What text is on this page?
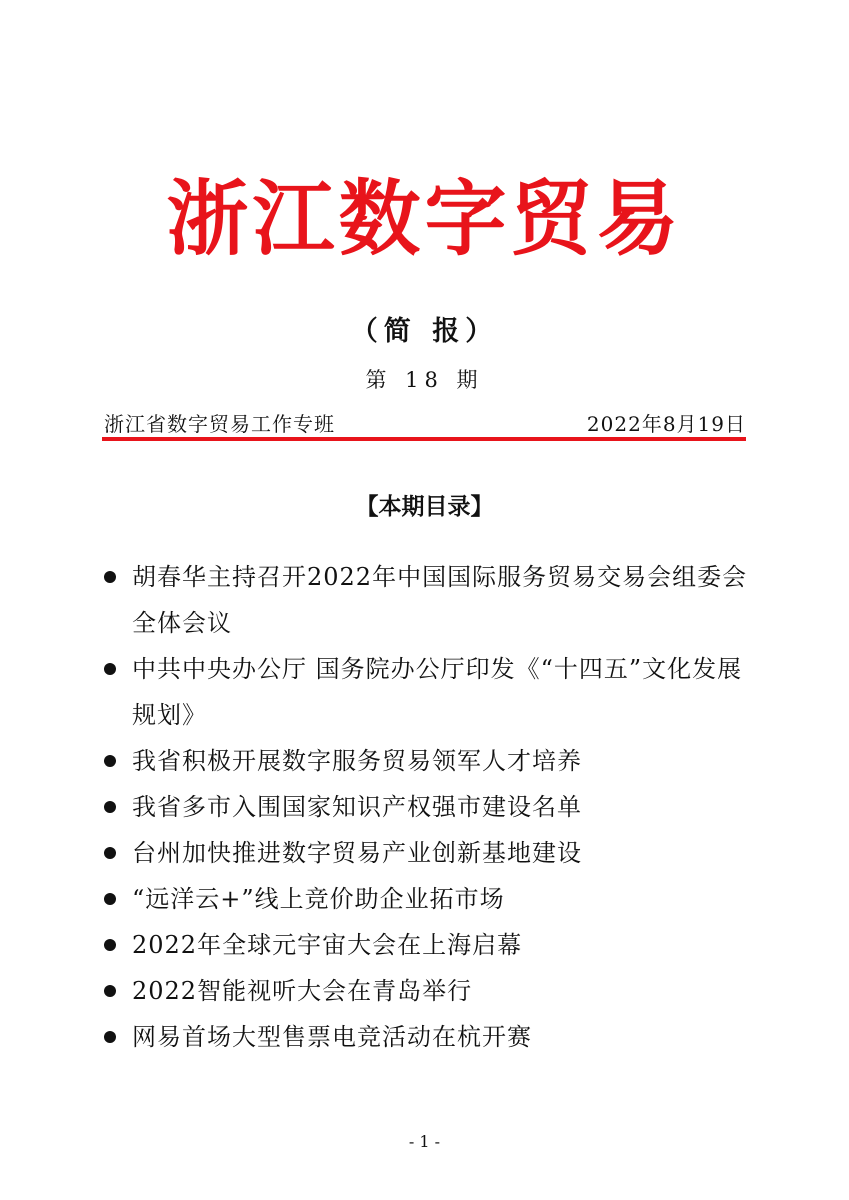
浙江数字贸易
（简 报）
第 18 期
浙江省数字贸易工作专班	2022年8月19日
【本期目录】
胡春华主持召开2022年中国国际服务贸易交易会组委会全体会议
中共中央办公厅 国务院办公厅印发《“十四五”文化发展规划》
我省积极开展数字服务贸易领军人才培养
我省多市入围国家知识产权强市建设名单
台州加快推进数字贸易产业创新基地建设
“远洋云+”线上竞价助企业拓市场
2022年全球元宇宙大会在上海启幕
2022智能视听大会在青岛举行
网易首场大型售票电竞活动在杭开赛
- 1 -
